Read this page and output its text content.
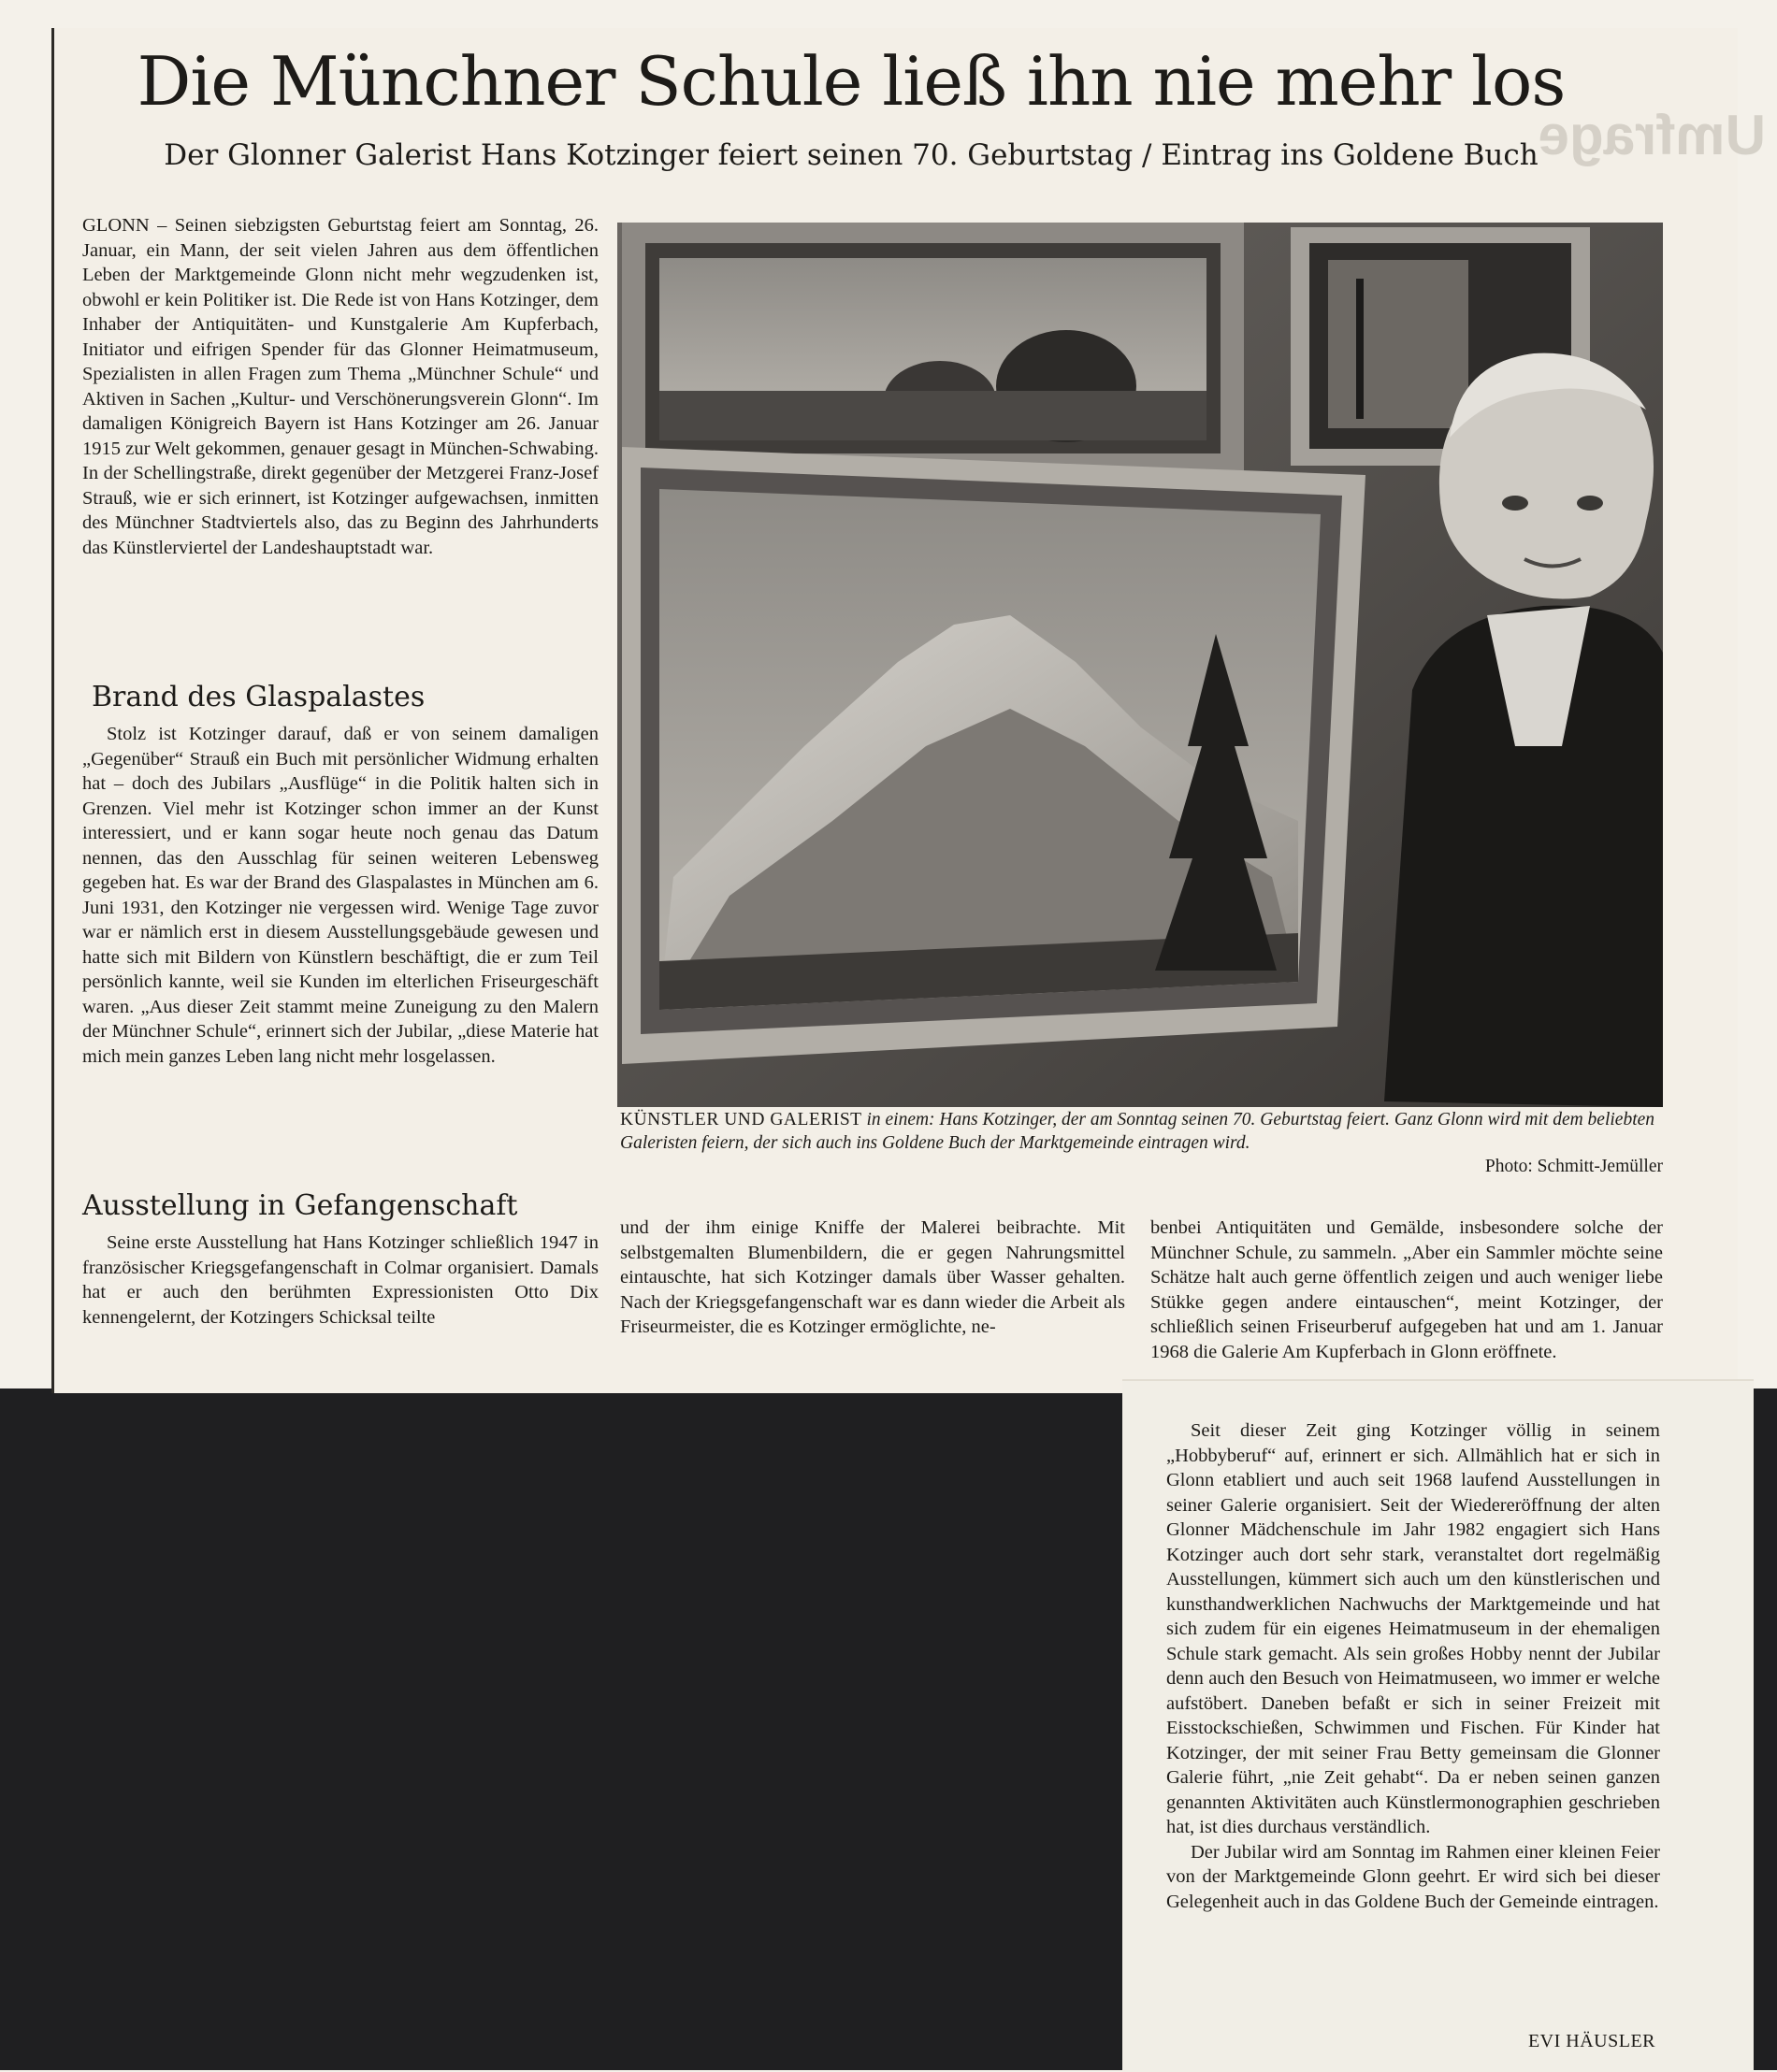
Umfrage
Die Münchner Schule ließ ihn nie mehr los
Der Glonner Galerist Hans Kotzinger feiert seinen 70. Geburtstag / Eintrag ins Goldene Buch

GLONN – Seinen siebzigsten Geburtstag feiert am Sonntag, 26. Januar, ein Mann, der seit vielen Jahren aus dem öffentlichen Leben der Marktgemeinde Glonn nicht mehr wegzudenken ist, obwohl er kein Politiker ist. Die Rede ist von Hans Kotzinger, dem Inhaber der Antiquitäten- und Kunstgalerie Am Kupferbach, Initiator und eifrigen Spender für das Glonner Heimatmuseum, Spezialisten in allen Fragen zum Thema „Münchner Schule“ und Aktiven in Sachen „Kultur- und Verschönerungsverein Glonn“. Im damaligen Königreich Bayern ist Hans Kotzinger am 26. Januar 1915 zur Welt gekommen, genauer gesagt in München-Schwabing. In der Schellingstraße, direkt gegenüber der Metzgerei Franz-Josef Strauß, wie er sich erinnert, ist Kotzinger aufgewachsen, inmitten des Münchner Stadtviertels also, das zu Beginn des Jahrhunderts das Künstlerviertel der Landeshauptstadt war.

Brand des Glaspalastes

Stolz ist Kotzinger darauf, daß er von seinem damaligen „Gegenüber“ Strauß ein Buch mit persönlicher Widmung erhalten hat – doch des Jubilars „Ausflüge“ in die Politik halten sich in Grenzen. Viel mehr ist Kotzinger schon immer an der Kunst interessiert, und er kann sogar heute noch genau das Datum nennen, das den Ausschlag für seinen weiteren Lebensweg gegeben hat. Es war der Brand des Glaspalastes in München am 6. Juni 1931, den Kotzinger nie vergessen wird. Wenige Tage zuvor war er nämlich erst in diesem Ausstellungsgebäude gewesen und hatte sich mit Bildern von Künstlern beschäftigt, die er zum Teil persönlich kannte, weil sie Kunden im elterlichen Friseurgeschäft waren. „Aus dieser Zeit stammt meine Zuneigung zu den Malern der Münchner Schule“, erinnert sich der Jubilar, „diese Materie hat mich mein ganzes Leben lang nicht mehr losgelassen.

Ausstellung in Gefangenschaft

Seine erste Ausstellung hat Hans Kotzinger schließlich 1947 in französischer Kriegsgefangenschaft in Colmar organisiert. Damals hat er auch den berühmten Expressionisten Otto Dix kennengelernt, der Kotzingers Schicksal teilte

KÜNSTLER UND GALERIST in einem: Hans Kotzinger, der am Sonntag seinen 70. Geburtstag feiert. Ganz Glonn wird mit dem beliebten Galeristen feiern, der sich auch ins Goldene Buch der Marktgemeinde eintragen wird.
Photo: Schmitt-Jemüller

und der ihm einige Kniffe der Malerei beibrachte. Mit selbstgemalten Blumenbildern, die er gegen Nahrungsmittel eintauschte, hat sich Kotzinger damals über Wasser gehalten. Nach der Kriegsgefangenschaft war es dann wieder die Arbeit als Friseurmeister, die es Kotzinger ermöglichte, ne-

benbei Antiquitäten und Gemälde, insbesondere solche der Münchner Schule, zu sammeln. „Aber ein Sammler möchte seine Schätze halt auch gerne öffentlich zeigen und auch weniger liebe Stükke gegen andere eintauschen“, meint Kotzinger, der schließlich seinen Friseurberuf aufgegeben hat und am 1. Januar 1968 die Galerie Am Kupferbach in Glonn eröffnete.

Seit dieser Zeit ging Kotzinger völlig in seinem „Hobbyberuf“ auf, erinnert er sich. Allmählich hat er sich in Glonn etabliert und auch seit 1968 laufend Ausstellungen in seiner Galerie organisiert. Seit der Wiedereröffnung der alten Glonner Mädchenschule im Jahr 1982 engagiert sich Hans Kotzinger auch dort sehr stark, veranstaltet dort regelmäßig Ausstellungen, kümmert sich auch um den künstlerischen und kunsthandwerklichen Nachwuchs der Marktgemeinde und hat sich zudem für ein eigenes Heimatmuseum in der ehemaligen Schule stark gemacht. Als sein großes Hobby nennt der Jubilar denn auch den Besuch von Heimatmuseen, wo immer er welche aufstöbert. Daneben befaßt er sich in seiner Freizeit mit Eisstockschießen, Schwimmen und Fischen. Für Kinder hat Kotzinger, der mit seiner Frau Betty gemeinsam die Glonner Galerie führt, „nie Zeit gehabt“. Da er neben seinen ganzen genannten Aktivitäten auch Künstlermonographien geschrieben hat, ist dies durchaus verständlich.

Der Jubilar wird am Sonntag im Rahmen einer kleinen Feier von der Marktgemeinde Glonn geehrt. Er wird sich bei dieser Gelegenheit auch in das Goldene Buch der Gemeinde eintragen.

EVI HÄUSLER
